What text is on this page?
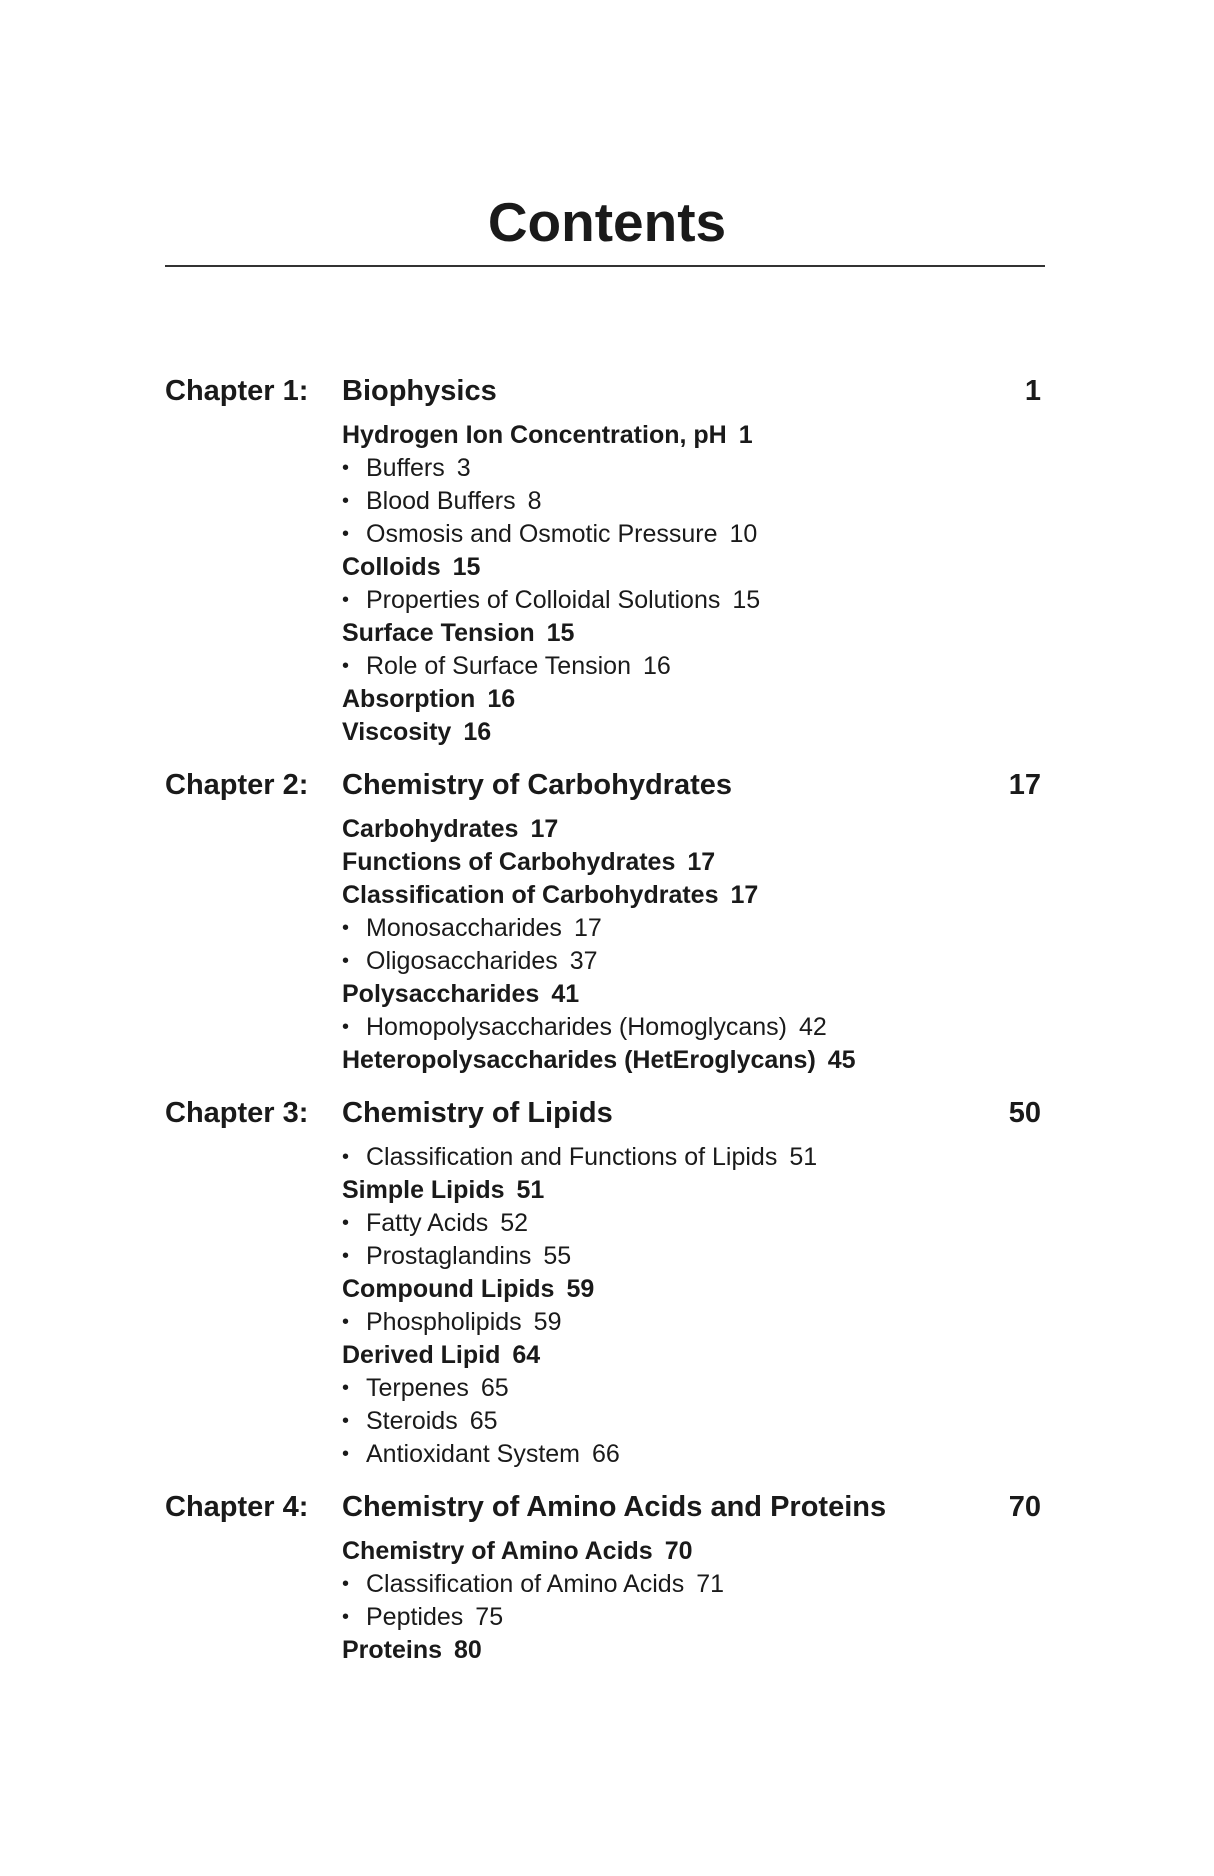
Contents
Chapter 1:	Biophysics	1
Hydrogen Ion Concentration, pH 1
• Buffers 3
• Blood Buffers 8
• Osmosis and Osmotic Pressure 10
Colloids 15
• Properties of Colloidal Solutions 15
Surface Tension 15
• Role of Surface Tension 16
Absorption 16
Viscosity 16
Chapter 2:	Chemistry of Carbohydrates	17
Carbohydrates 17
Functions of Carbohydrates 17
Classification of Carbohydrates 17
• Monosaccharides 17
• Oligosaccharides 37
Polysaccharides 41
• Homopolysaccharides (Homoglycans) 42
Heteropolysaccharides (HetEroglycans) 45
Chapter 3:	Chemistry of Lipids	50
• Classification and Functions of Lipids 51
Simple Lipids 51
• Fatty Acids 52
• Prostaglandins 55
Compound Lipids 59
• Phospholipids 59
Derived Lipid 64
• Terpenes 65
• Steroids 65
• Antioxidant System 66
Chapter 4:	Chemistry of Amino Acids and Proteins	70
Chemistry of Amino Acids 70
• Classification of Amino Acids 71
• Peptides 75
Proteins 80
